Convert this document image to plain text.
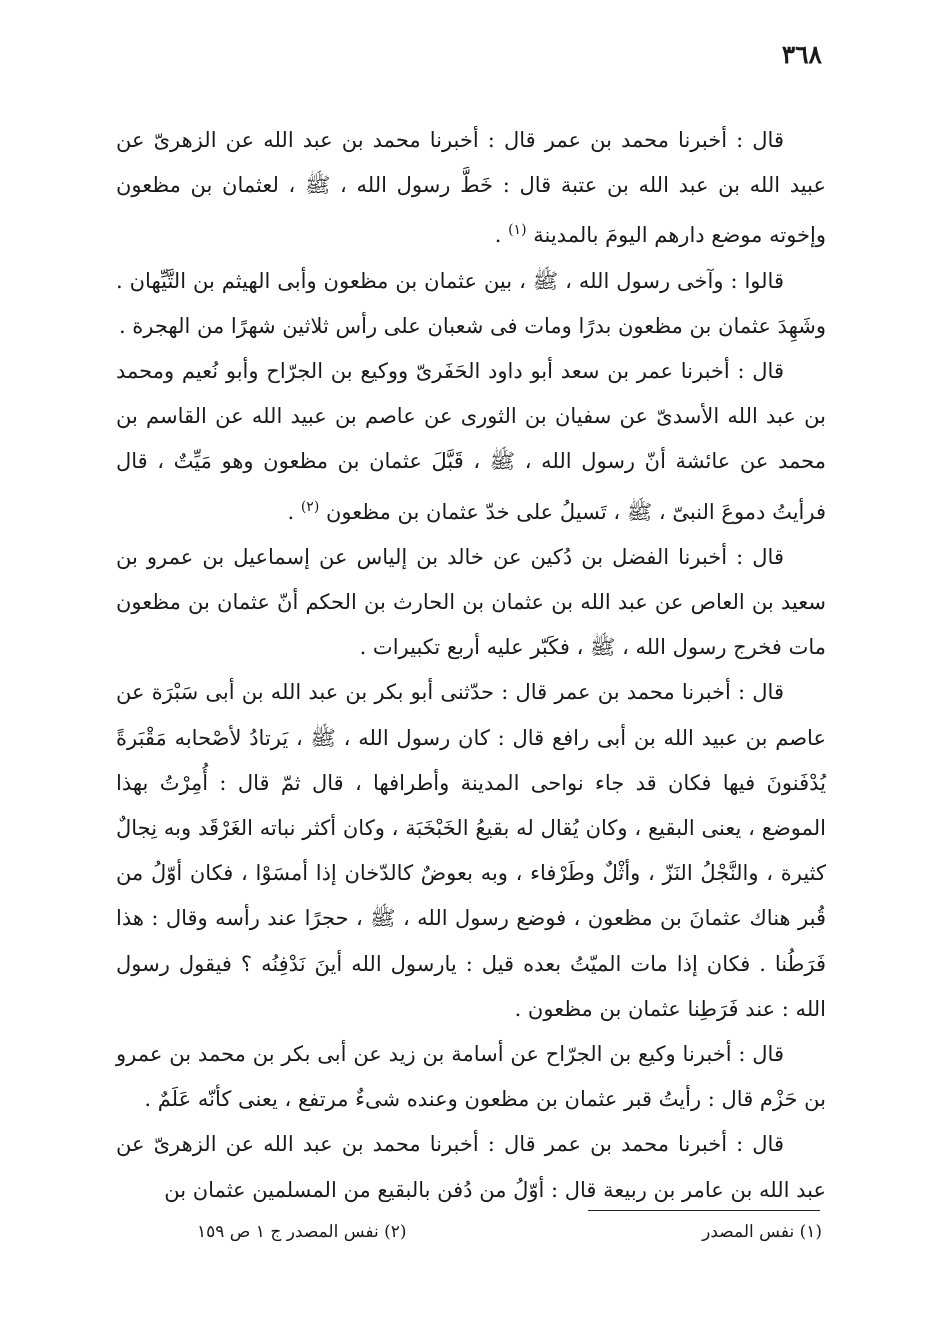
٣٦٨

قال : أخبرنا محمد بن عمر قال : أخبرنا محمد بن عبد الله عن الزهرىّ عن عبيد الله بن عبد الله بن عتبة قال : خَطَّ رسول الله ، ﷺ ، لعثمان بن مظعون وإخوته موضع دارهم اليومَ بالمدينة $^{(١)}$ .

قالوا : وآخى رسول الله ، ﷺ ، بين عثمان بن مظعون وأبى الهيثم بن التَّيِّهان . وشَهِدَ عثمان بن مظعون بدرًا ومات فى شعبان على رأس ثلاثين شهرًا من الهجرة .

قال : أخبرنا عمر بن سعد أبو داود الحَفَرىّ ووكيع بن الجرّاح وأبو نُعيم ومحمد بن عبد الله الأسدىّ عن سفيان بن الثورى عن عاصم بن عبيد الله عن القاسم بن محمد عن عائشة أنّ رسول الله ، ﷺ ، قَبَّلَ عثمان بن مظعون وهو مَيِّتٌ ، قال فرأيتُ دموعَ النبىّ ، ﷺ ، تَسيلُ على خدّ عثمان بن مظعون $^{(٢)}$ .

قال : أخبرنا الفضل بن دُكين عن خالد بن إلياس عن إسماعيل بن عمرو بن سعيد بن العاص عن عبد الله بن عثمان بن الحارث بن الحكم أنّ عثمان بن مظعون مات فخرج رسول الله ، ﷺ ، فكَبّر عليه أربع تكبيرات .

قال : أخبرنا محمد بن عمر قال : حدّثنى أبو بكر بن عبد الله بن أبى سَبْرَة عن عاصم بن عبيد الله بن أبى رافع قال : كان رسول الله ، ﷺ ، يَرتادُ لأصْحابه مَقْبَرةً يُدْفَنونَ فيها فكان قد جاء نواحى المدينة وأطرافها ، قال ثمّ قال : أُمِرْتُ بهذا الموضع ، يعنى البقيع ، وكان يُقال له بقيعُ الخَبْخَبَة ، وكان أكثر نباته الغَرْقَد وبه نِجالٌ كثيرة ، والنَّجْلُ النَزّ ، وأثْلٌ وطَرْفاء ، وبه بعوضٌ كالدّخان إذا أمسَوْا ، فكان أوّلُ من قُبر هناك عثمانَ بن مظعون ، فوضع رسول الله ، ﷺ ، حجرًا عند رأسه وقال : هذا فَرَطُنا . فكان إذا مات الميّتُ بعده قيل : يارسول الله أينَ نَدْفِنُه ؟ فيقول رسول الله : عند فَرَطِنا عثمان بن مظعون .

قال : أخبرنا وكيع بن الجرّاح عن أسامة بن زيد عن أبى بكر بن محمد بن عمرو بن حَزْم قال : رأيتُ قبر عثمان بن مظعون وعنده شىءٌ مرتفع ، يعنى كأنّه عَلَمٌ .

قال : أخبرنا محمد بن عمر قال : أخبرنا محمد بن عبد الله عن الزهرىّ عن عبد الله بن عامر بن ربيعة قال : أوّلُ من دُفن بالبقيع من المسلمين عثمان بن

(١) نفس المصدر
(٢) نفس المصدر ج ١ ص ١٥٩
